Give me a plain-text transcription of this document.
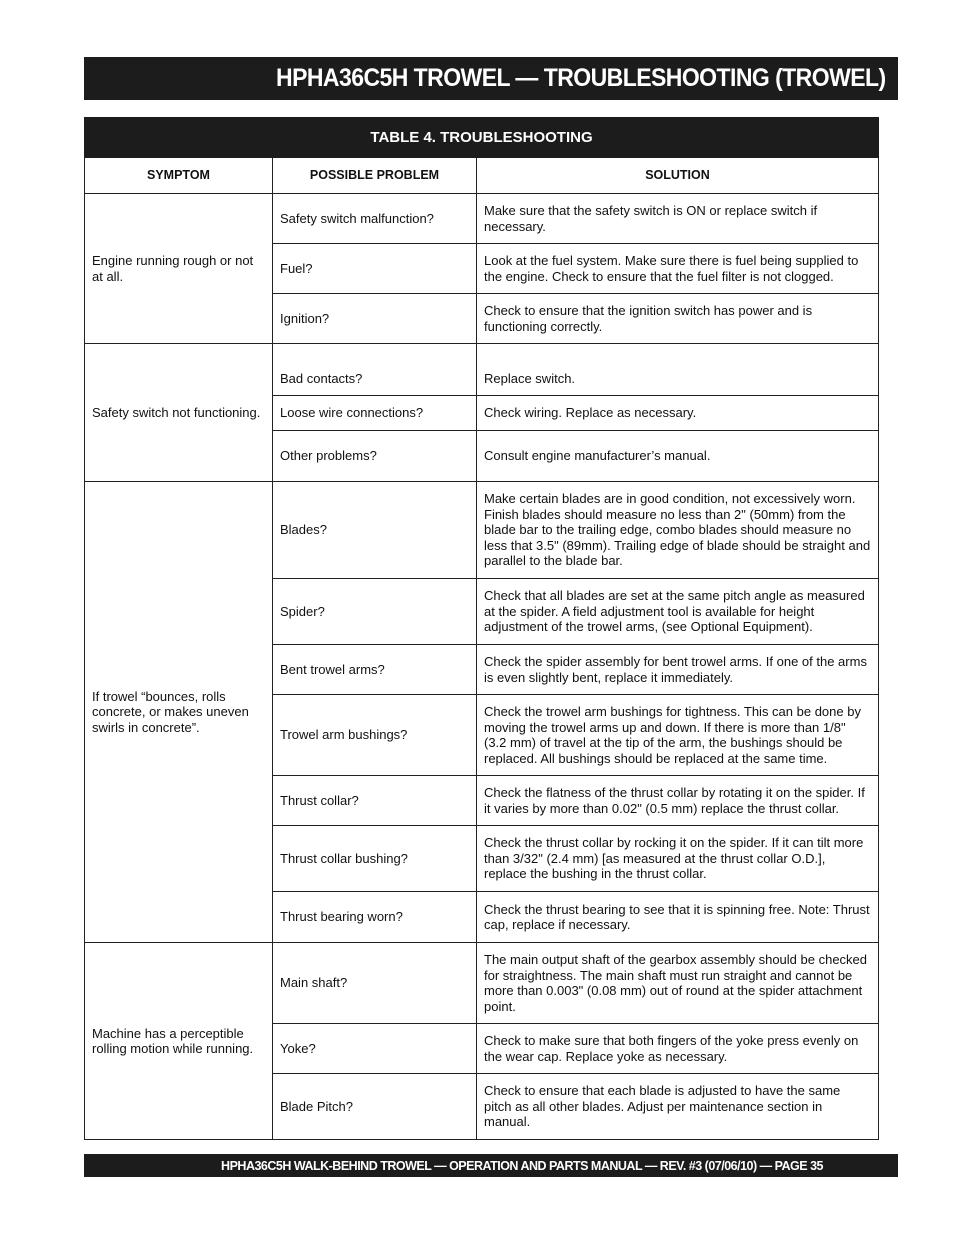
HPHA36C5H TROWEL — TROUBLESHOOTING (TROWEL)
TABLE 4. TROUBLESHOOTING		
SYMPTOM	POSSIBLE PROBLEM	SOLUTION
Engine running rough or not at all.	Safety switch malfunction?	Make sure that the safety switch is ON or replace switch if necessary.
	Fuel?	Look at the fuel system. Make sure there is fuel being supplied to the engine. Check to ensure that the fuel filter is not clogged.
	Ignition?	Check to ensure that the ignition switch has power and is functioning correctly.
Safety switch not functioning.	Bad contacts?	Replace switch.
	Loose wire connections?	Check wiring. Replace as necessary.
	Other problems?	Consult engine manufacturer’s manual.
If trowel “bounces, rolls concrete, or makes uneven swirls in concrete”.	Blades?	Make certain blades are in good condition, not excessively worn. Finish blades should measure no less than 2" (50mm) from the blade bar to the trailing edge, combo blades should measure no less that 3.5" (89mm). Trailing edge of blade should be straight and parallel to the blade bar.
	Spider?	Check that all blades are set at the same pitch angle as measured at the spider. A field adjustment tool is available for height adjustment of the trowel arms, (see Optional Equipment).
	Bent trowel arms?	Check the spider assembly for bent trowel arms. If one of the arms is even slightly bent, replace it immediately.
	Trowel arm bushings?	Check the trowel arm bushings for tightness. This can be done by moving the trowel arms up and down. If there is more than 1/8" (3.2 mm) of travel at the tip of the arm, the bushings should be replaced. All bushings should be replaced at the same time.
	Thrust collar?	Check the flatness of the thrust collar by rotating it on the spider. If it varies by more than 0.02" (0.5 mm) replace the thrust collar.
	Thrust collar bushing?	Check the thrust collar by rocking it on the spider. If it can tilt more than 3/32" (2.4 mm) [as measured at the thrust collar O.D.], replace the bushing in the thrust collar.
	Thrust bearing worn?	Check the thrust bearing to see that it is spinning free. Note: Thrust cap, replace if necessary.
Machine has a perceptible rolling motion while running.	Main shaft?	The main output shaft of the gearbox assembly should be checked for straightness. The main shaft must run straight and cannot be more than 0.003" (0.08 mm) out of round at the spider attachment point.
	Yoke?	Check to make sure that both fingers of the yoke press evenly on the wear cap. Replace yoke as necessary.
	Blade Pitch?	Check to ensure that each blade is adjusted to have the same pitch as all other blades. Adjust per maintenance section in manual.
HPHA36C5H WALK-BEHIND TROWEL — OPERATION AND PARTS MANUAL — REV. #3 (07/06/10) — PAGE 35
